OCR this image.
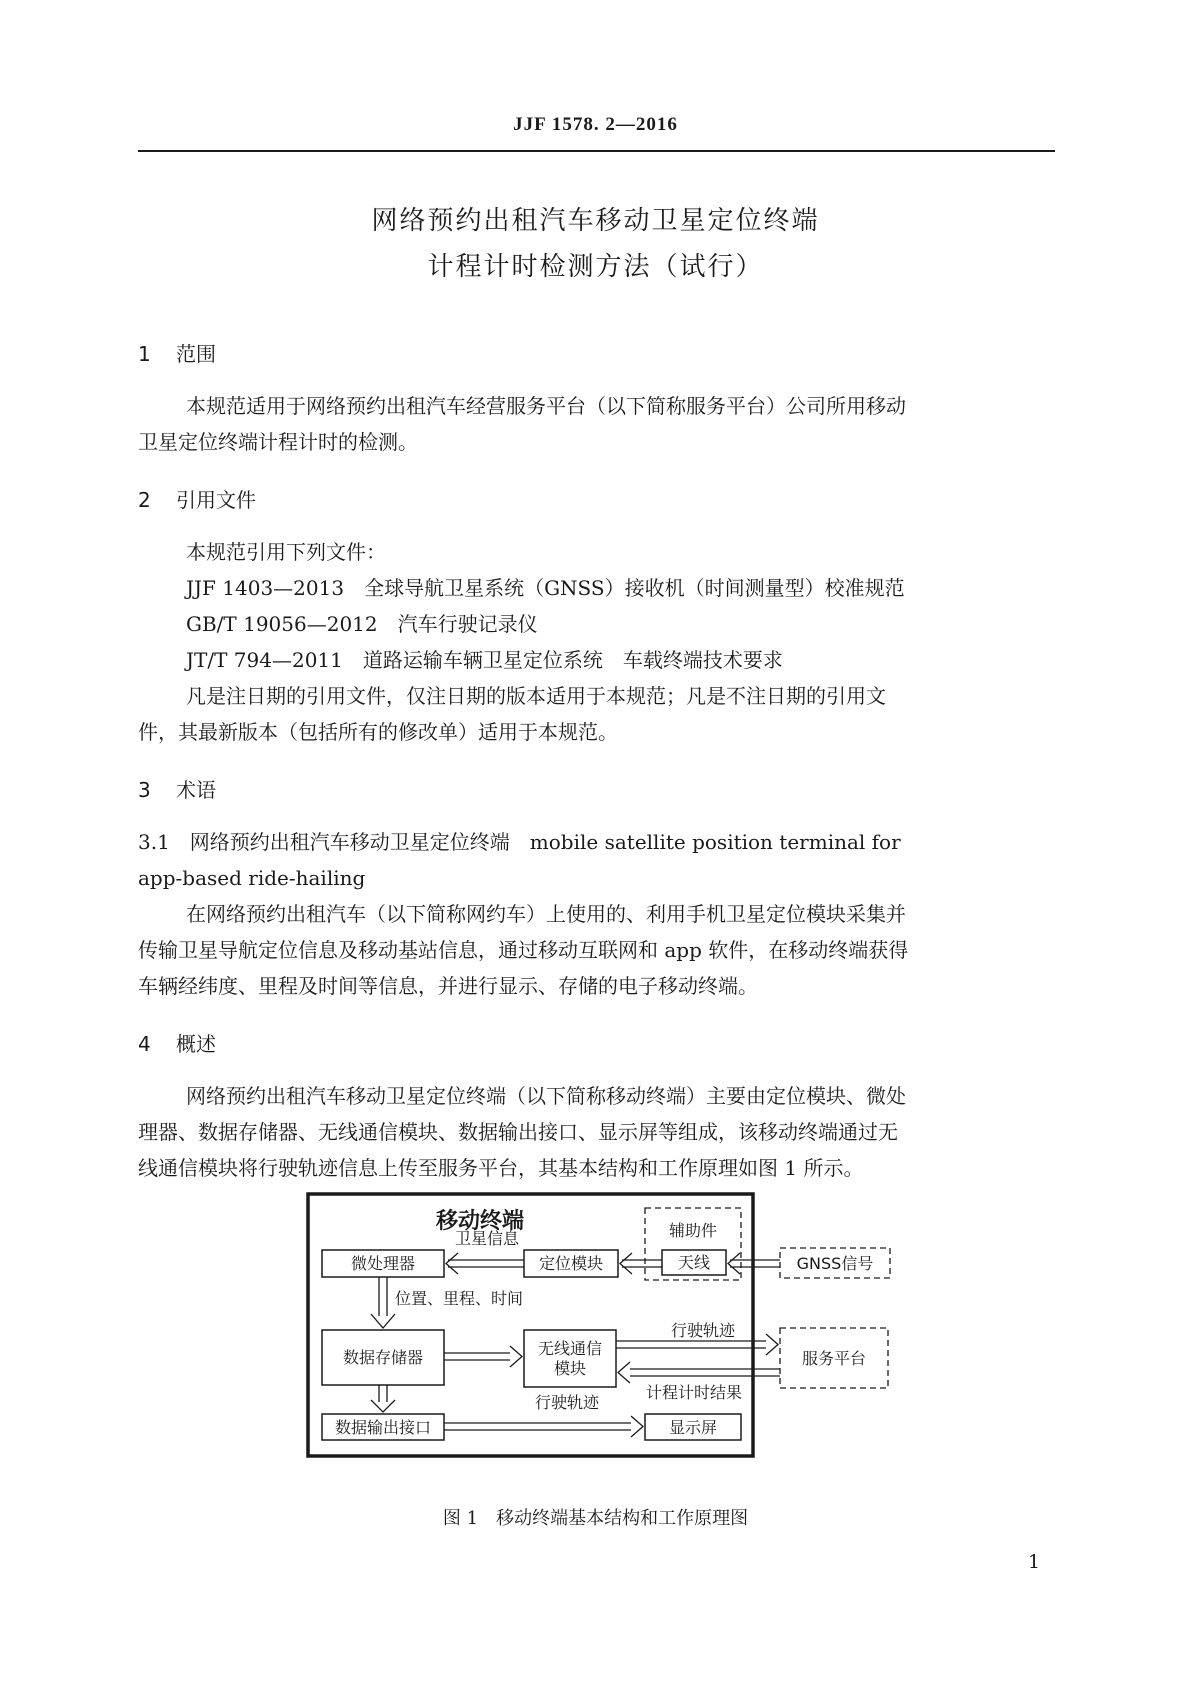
JJF 1578. 2—2016
网络预约出租汽车移动卫星定位终端
计程计时检测方法（试行）
1 范围
本规范适用于网络预约出租汽车经营服务平台（以下简称服务平台）公司所用移动
卫星定位终端计程计时的检测。
2 引用文件
本规范引用下列文件：
JJF 1403—2013　全球导航卫星系统（GNSS）接收机（时间测量型）校准规范
GB/T 19056—2012　汽车行驶记录仪
JT/T 794—2011　道路运输车辆卫星定位系统　车载终端技术要求
凡是注日期的引用文件，仅注日期的版本适用于本规范；凡是不注日期的引用文
件，其最新版本（包括所有的修改单）适用于本规范。
3 术语
3.1　网络预约出租汽车移动卫星定位终端　mobile satellite position terminal for
app-based ride-hailing
在网络预约出租汽车（以下简称网约车）上使用的、利用手机卫星定位模块采集并
传输卫星导航定位信息及移动基站信息，通过移动互联网和 app 软件，在移动终端获得
车辆经纬度、里程及时间等信息，并进行显示、存储的电子移动终端。
4 概述
网络预约出租汽车移动卫星定位终端（以下简称移动终端）主要由定位模块、微处
理器、数据存储器、无线通信模块、数据输出接口、显示屏等组成，该移动终端通过无
线通信模块将行驶轨迹信息上传至服务平台，其基本结构和工作原理如图 1 所示。
移动终端	辅助件
天线	GNSS信号
定位模块
微处理器
卫星信息
数据存储器
位置、里程、时间
无线通信
模块
服务平台
行驶轨迹
计程计时结果
数据输出接口
行驶轨迹
显示屏
图 1　移动终端基本结构和工作原理图
1
